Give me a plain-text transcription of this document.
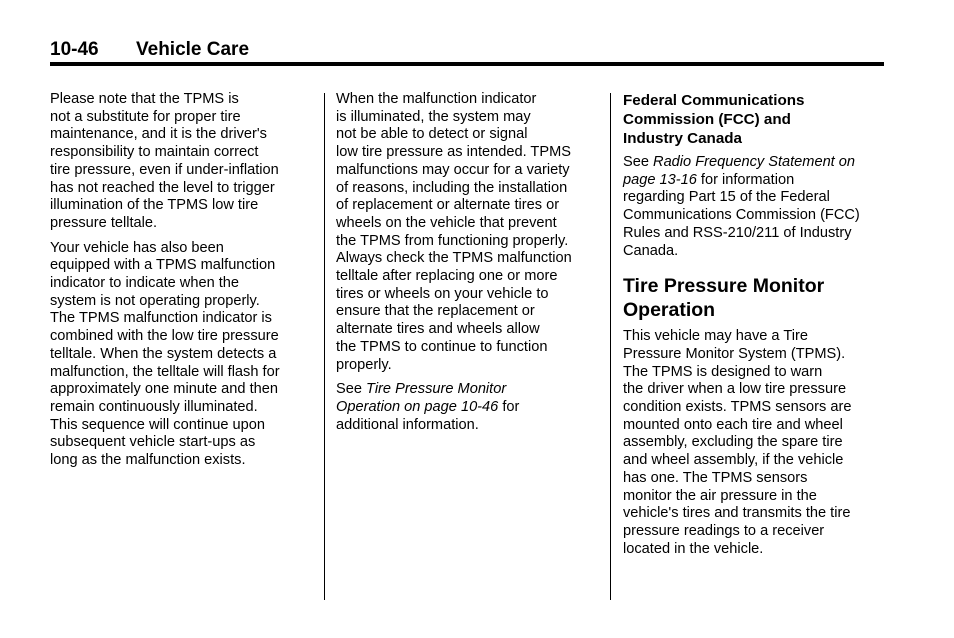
10-46 Vehicle Care

Please note that the TPMS is
not a substitute for proper tire
maintenance, and it is the driver's
responsibility to maintain correct
tire pressure, even if under-inflation
has not reached the level to trigger
illumination of the TPMS low tire
pressure telltale.

Your vehicle has also been
equipped with a TPMS malfunction
indicator to indicate when the
system is not operating properly.
The TPMS malfunction indicator is
combined with the low tire pressure
telltale. When the system detects a
malfunction, the telltale will flash for
approximately one minute and then
remain continuously illuminated.
This sequence will continue upon
subsequent vehicle start-ups as
long as the malfunction exists.

When the malfunction indicator
is illuminated, the system may
not be able to detect or signal
low tire pressure as intended. TPMS
malfunctions may occur for a variety
of reasons, including the installation
of replacement or alternate tires or
wheels on the vehicle that prevent
the TPMS from functioning properly.
Always check the TPMS malfunction
telltale after replacing one or more
tires or wheels on your vehicle to
ensure that the replacement or
alternate tires and wheels allow
the TPMS to continue to function
properly.

See Tire Pressure Monitor
Operation on page 10-46 for
additional information.

Federal Communications
Commission (FCC) and
Industry Canada

See Radio Frequency Statement on
page 13-16 for information
regarding Part 15 of the Federal
Communications Commission (FCC)
Rules and RSS-210/211 of Industry
Canada.

Tire Pressure Monitor
Operation

This vehicle may have a Tire
Pressure Monitor System (TPMS).
The TPMS is designed to warn
the driver when a low tire pressure
condition exists. TPMS sensors are
mounted onto each tire and wheel
assembly, excluding the spare tire
and wheel assembly, if the vehicle
has one. The TPMS sensors
monitor the air pressure in the
vehicle's tires and transmits the tire
pressure readings to a receiver
located in the vehicle.
